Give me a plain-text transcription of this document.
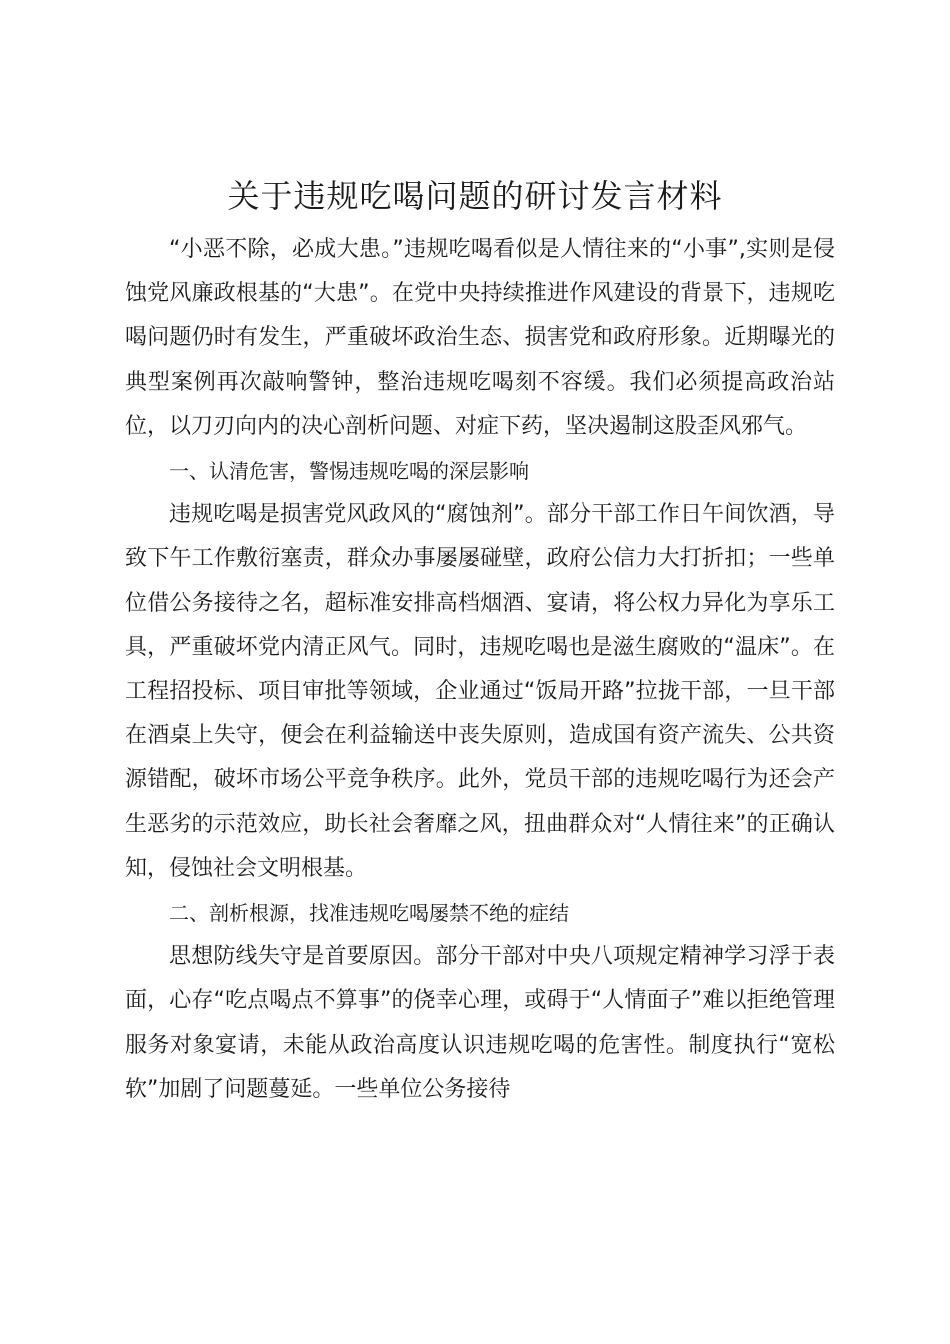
关于违规吃喝问题的研讨发言材料

“小恶不除，必成大患。”违规吃喝看似是人情往来的“小事”,实则是侵蚀党风廉政根基的“大患”。在党中央持续推进作风建设的背景下，违规吃喝问题仍时有发生，严重破坏政治生态、损害党和政府形象。近期曝光的典型案例再次敲响警钟，整治违规吃喝刻不容缓。我们必须提高政治站位，以刀刃向内的决心剖析问题、对症下药，坚决遏制这股歪风邪气。

一、认清危害，警惕违规吃喝的深层影响

违规吃喝是损害党风政风的“腐蚀剂”。部分干部工作日午间饮酒，导致下午工作敷衍塞责，群众办事屡屡碰壁，政府公信力大打折扣；一些单位借公务接待之名，超标准安排高档烟酒、宴请，将公权力异化为享乐工具，严重破坏党内清正风气。同时，违规吃喝也是滋生腐败的“温床”。在工程招投标、项目审批等领域，企业通过“饭局开路”拉拢干部，一旦干部在酒桌上失守，便会在利益输送中丧失原则，造成国有资产流失、公共资源错配，破坏市场公平竞争秩序。此外，党员干部的违规吃喝行为还会产生恶劣的示范效应，助长社会奢靡之风，扭曲群众对“人情往来”的正确认知，侵蚀社会文明根基。

二、剖析根源，找准违规吃喝屡禁不绝的症结

思想防线失守是首要原因。部分干部对中央八项规定精神学习浮于表面，心存“吃点喝点不算事”的侥幸心理，或碍于“人情面子”难以拒绝管理服务对象宴请，未能从政治高度认识违规吃喝的危害性。制度执行“宽松软”加剧了问题蔓延。一些单位公务接待
